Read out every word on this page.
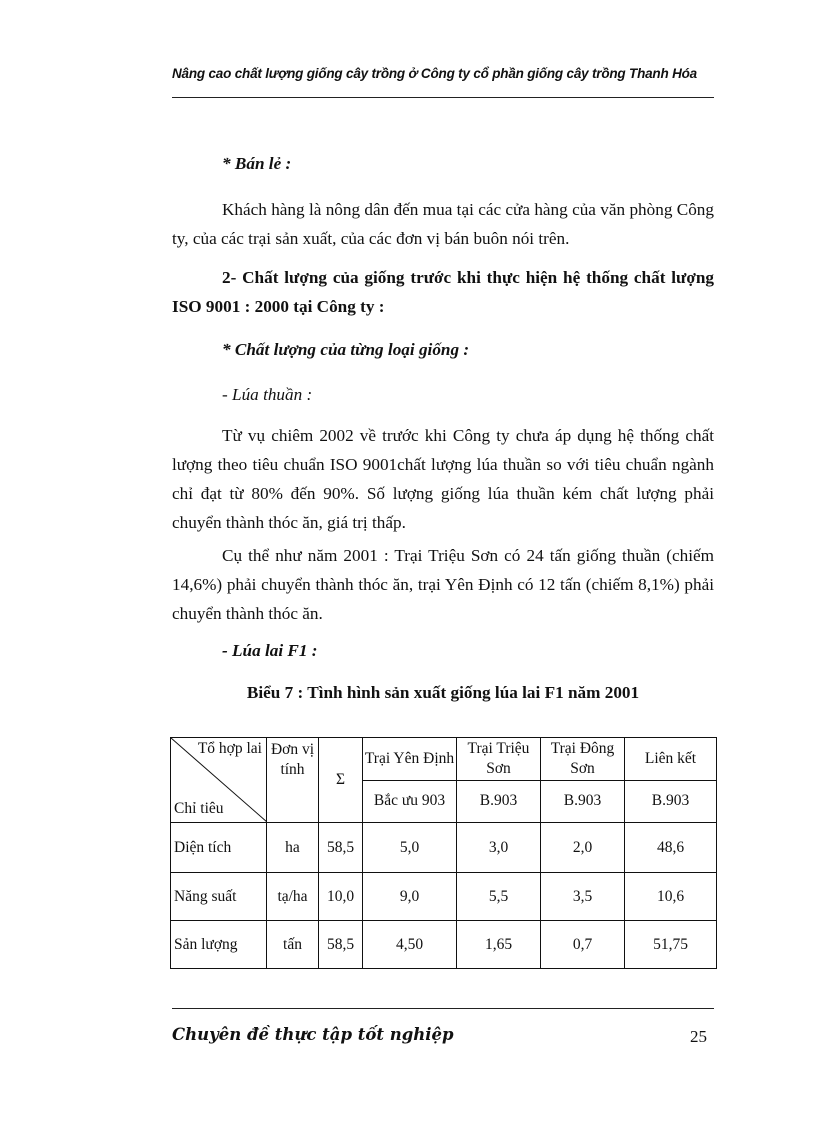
Nâng cao chất lượng giống cây trồng ở Công ty cổ phần giống cây trồng Thanh Hóa
* Bán lẻ :
Khách hàng là nông dân đến mua tại các cửa hàng của văn phòng Công ty, của các trại sản xuất, của các đơn vị bán buôn nói trên.
2- Chất lượng của giống trước khi thực hiện hệ thống chất lượng ISO 9001 : 2000 tại Công ty :
* Chất lượng của từng loại giống :
- Lúa thuần :
Từ vụ chiêm 2002 về trước khi Công ty chưa áp dụng hệ thống chất lượng theo tiêu chuẩn ISO 9001chất lượng lúa thuần so với tiêu chuẩn ngành chỉ đạt từ 80% đến 90%. Số lượng giống lúa thuần kém chất lượng phải chuyển thành thóc ăn, giá trị thấp.
Cụ thể như năm 2001 : Trại Triệu Sơn có 24 tấn giống thuần (chiếm 14,6%) phải chuyển thành thóc ăn, trại Yên Định có 12 tấn (chiếm 8,1%) phải chuyển thành thóc ăn.
- Lúa lai F1 :
Biểu 7 : Tình hình sản xuất giống lúa lai F1 năm 2001
Tổ hợp lai
Chỉ tiêu	Đơn vị tính	Σ	Trại Yên Định	Trại Triệu Sơn	Trại Đông Sơn	Liên kết
			Bắc ưu 903	B.903	B.903	B.903
Diện tích	ha	58,5	5,0	3,0	2,0	48,6
Năng suất	tạ/ha	10,0	9,0	5,5	3,5	10,6
Sản lượng	tấn	58,5	4,50	1,65	0,7	51,75
Chuyên đề thực tập tốt nghiệp	25
